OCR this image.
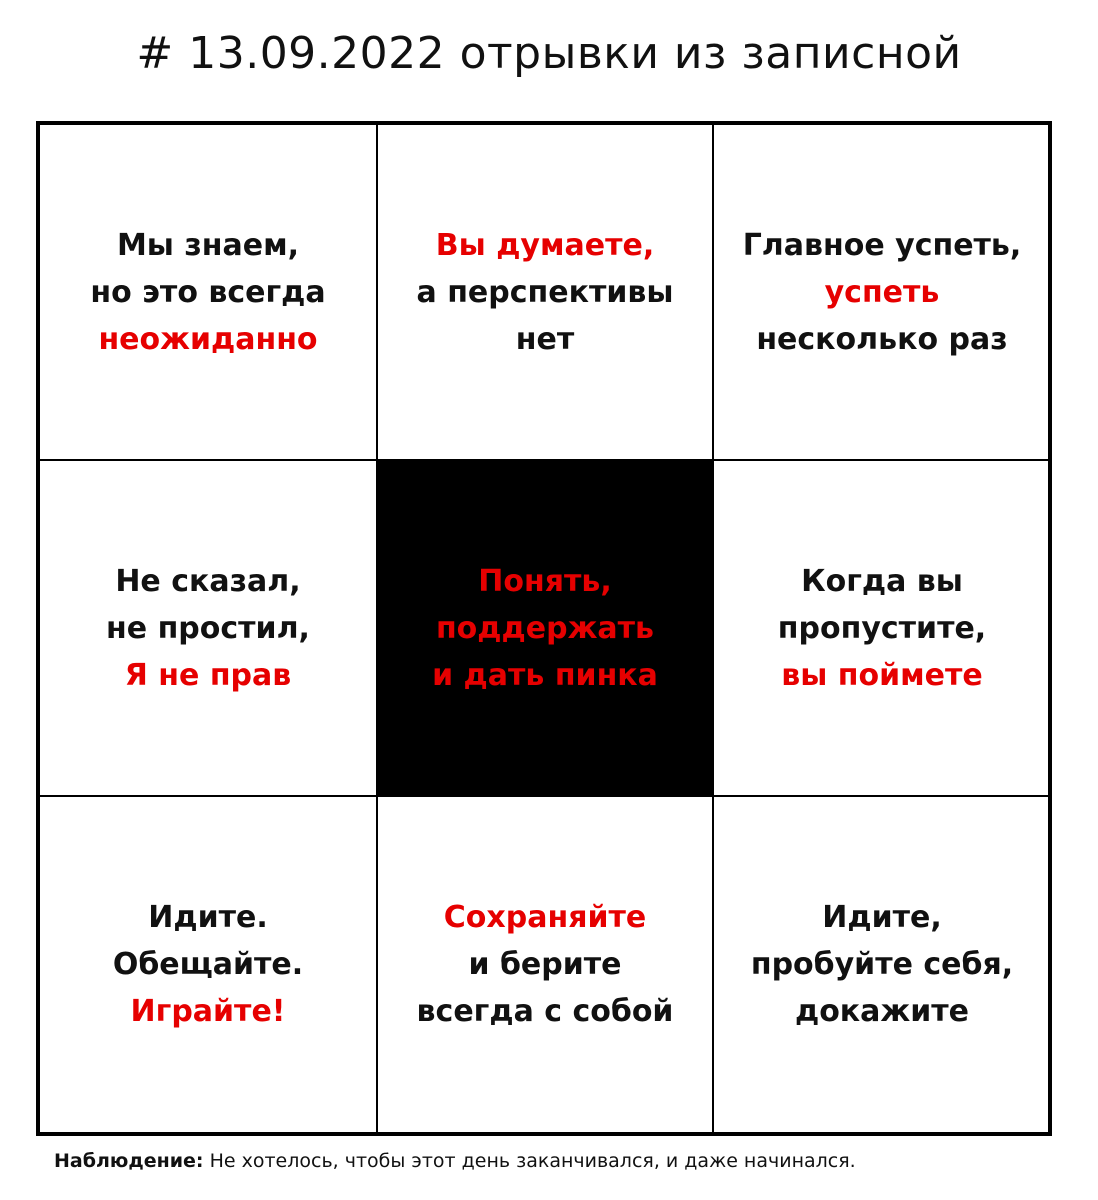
# 13.09.2022 отрывки из записной
Мы знаем,
но это всегда
неожиданно
Вы думаете,
а перспективы
нет
Главное успеть,
успеть
несколько раз
Не сказал,
не простил,
Я не прав
Понять,
поддержать
и дать пинка
Когда вы
пропустите,
вы поймете
Идите.
Обещайте.
Играйте!
Сохраняйте
и берите
всегда с собой
Идите,
пробуйте себя,
докажите
Наблюдение: Не хотелось, чтобы этот день заканчивался, и даже начинался.
